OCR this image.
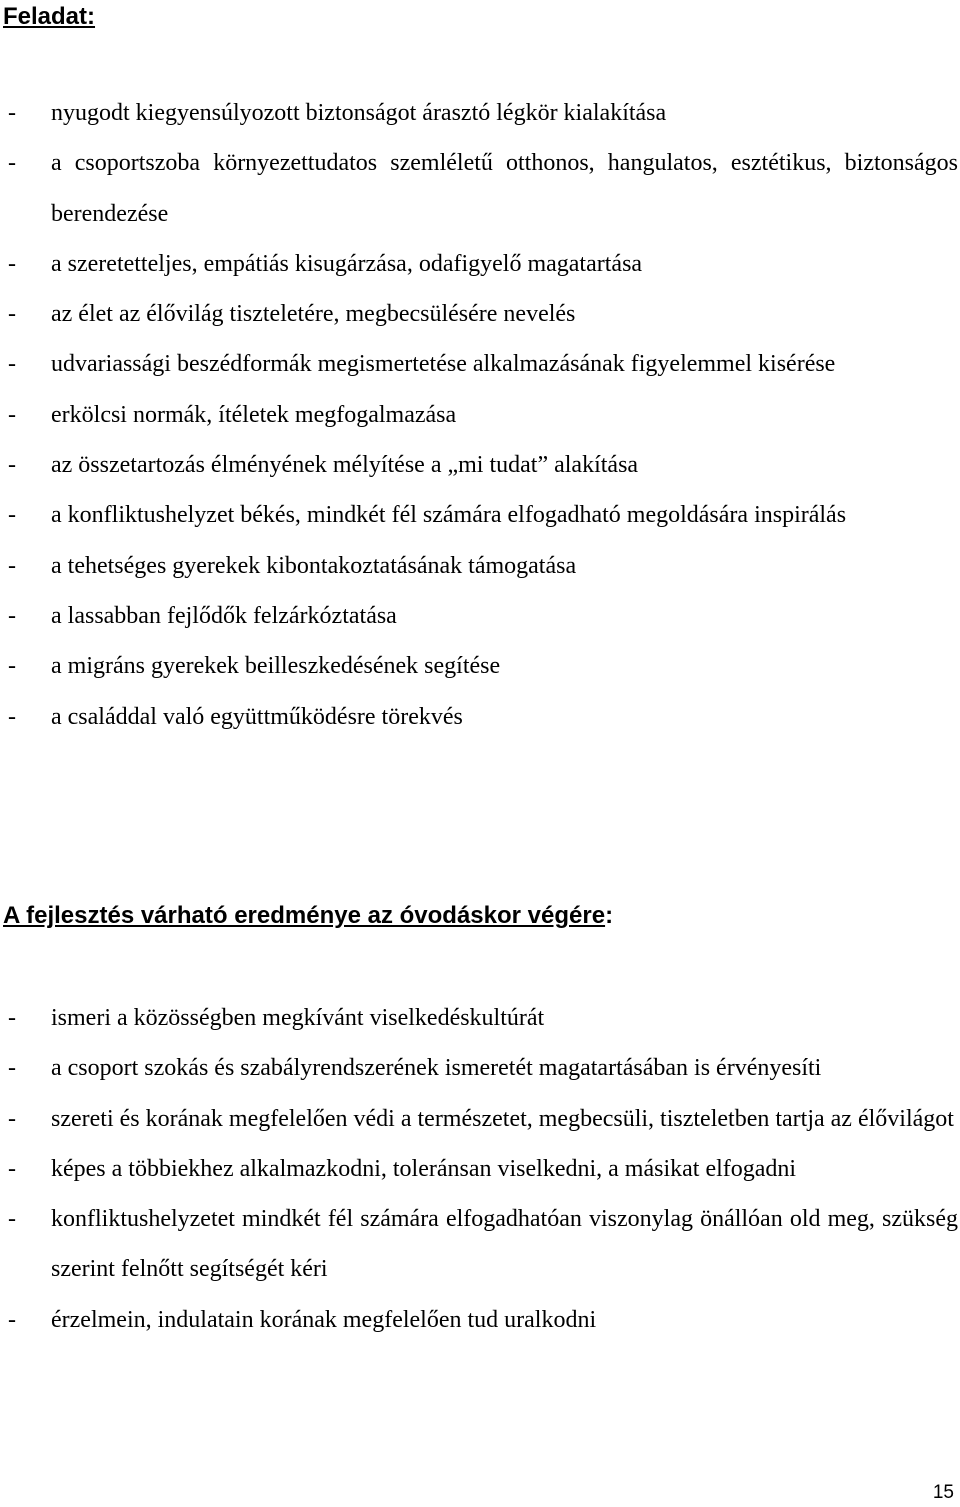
Feladat:
- nyugodt kiegyensúlyozott biztonságot árasztó légkör kialakítása
- a csoportszoba környezettudatos szemléletű otthonos, hangulatos, esztétikus, biztonságos berendezése
- a szeretetteljes, empátiás kisugárzása, odafigyelő magatartása
- az élet az élővilág tiszteletére, megbecsülésére nevelés
- udvariassági beszédformák megismertetése alkalmazásának figyelemmel kisérése
- erkölcsi normák, ítéletek megfogalmazása
- az összetartozás élményének mélyítése a „mi tudat” alakítása
- a konfliktushelyzet békés, mindkét fél számára elfogadható megoldására inspirálás
- a tehetséges gyerekek kibontakoztatásának támogatása
- a lassabban fejlődők felzárkóztatása
- a migráns gyerekek beilleszkedésének segítése
- a családdal való együttműködésre törekvés
A fejlesztés várható eredménye az óvodáskor végére:
- ismeri a közösségben megkívánt viselkedéskultúrát
- a csoport szokás és szabályrendszerének ismeretét magatartásában is érvényesíti
- szereti és korának megfelelően védi a természetet, megbecsüli, tiszteletben tartja az élővilágot
- képes a többiekhez alkalmazkodni, toleránsan viselkedni, a másikat elfogadni
- konfliktushelyzetet mindkét fél számára elfogadhatóan viszonylag önállóan old meg, szükség szerint felnőtt segítségét kéri
- érzelmein, indulatain korának megfelelően tud uralkodni
15
